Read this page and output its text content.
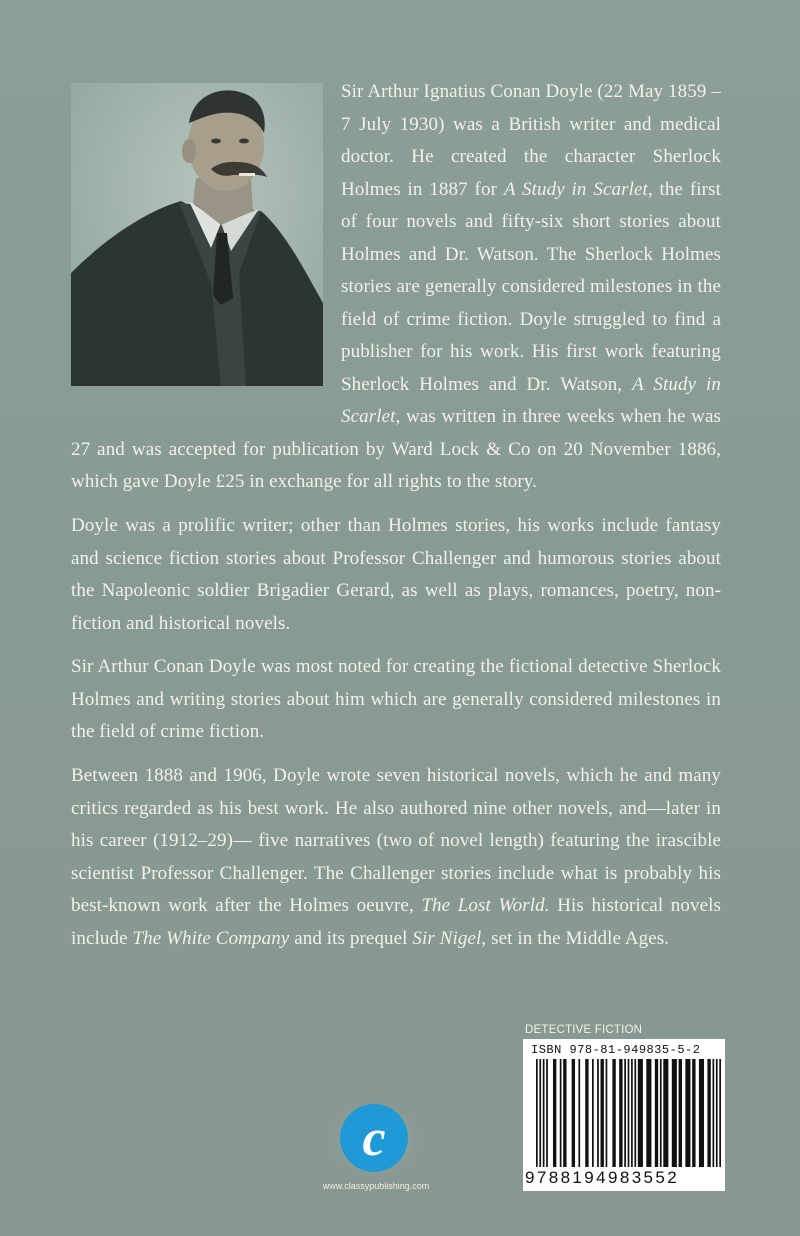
Sir Arthur Ignatius Conan Doyle (22 May 1859 – 7 July 1930) was a British writer and medical doctor. He created the character Sherlock Holmes in 1887 for A Study in Scarlet, the first of four novels and fifty-six short stories about Holmes and Dr. Watson. The Sherlock Holmes stories are generally considered milestones in the field of crime fiction. Doyle struggled to find a publisher for his work. His first work featuring Sherlock Holmes and Dr. Watson, A Study in Scarlet, was written in three weeks when he was 27 and was accepted for publication by Ward Lock & Co on 20 November 1886, which gave Doyle £25 in exchange for all rights to the story.

Doyle was a prolific writer; other than Holmes stories, his works include fantasy and science fiction stories about Professor Challenger and humorous stories about the Napoleonic soldier Brigadier Gerard, as well as plays, romances, poetry, non-fiction and historical novels.

Sir Arthur Conan Doyle was most noted for creating the fictional detective Sherlock Holmes and writing stories about him which are generally considered milestones in the field of crime fiction.

Between 1888 and 1906, Doyle wrote seven historical novels, which he and many critics regarded as his best work. He also authored nine other novels, and—later in his career (1912–29)— five narratives (two of novel length) featuring the irascible scientist Professor Challenger. The Challenger stories include what is probably his best-known work after the Holmes oeuvre, The Lost World. His historical novels include The White Company and its prequel Sir Nigel, set in the Middle Ages.

c
www.classypublishing.com
DETECTIVE FICTION
ISBN 978-81-949835-5-2
9788194983552
